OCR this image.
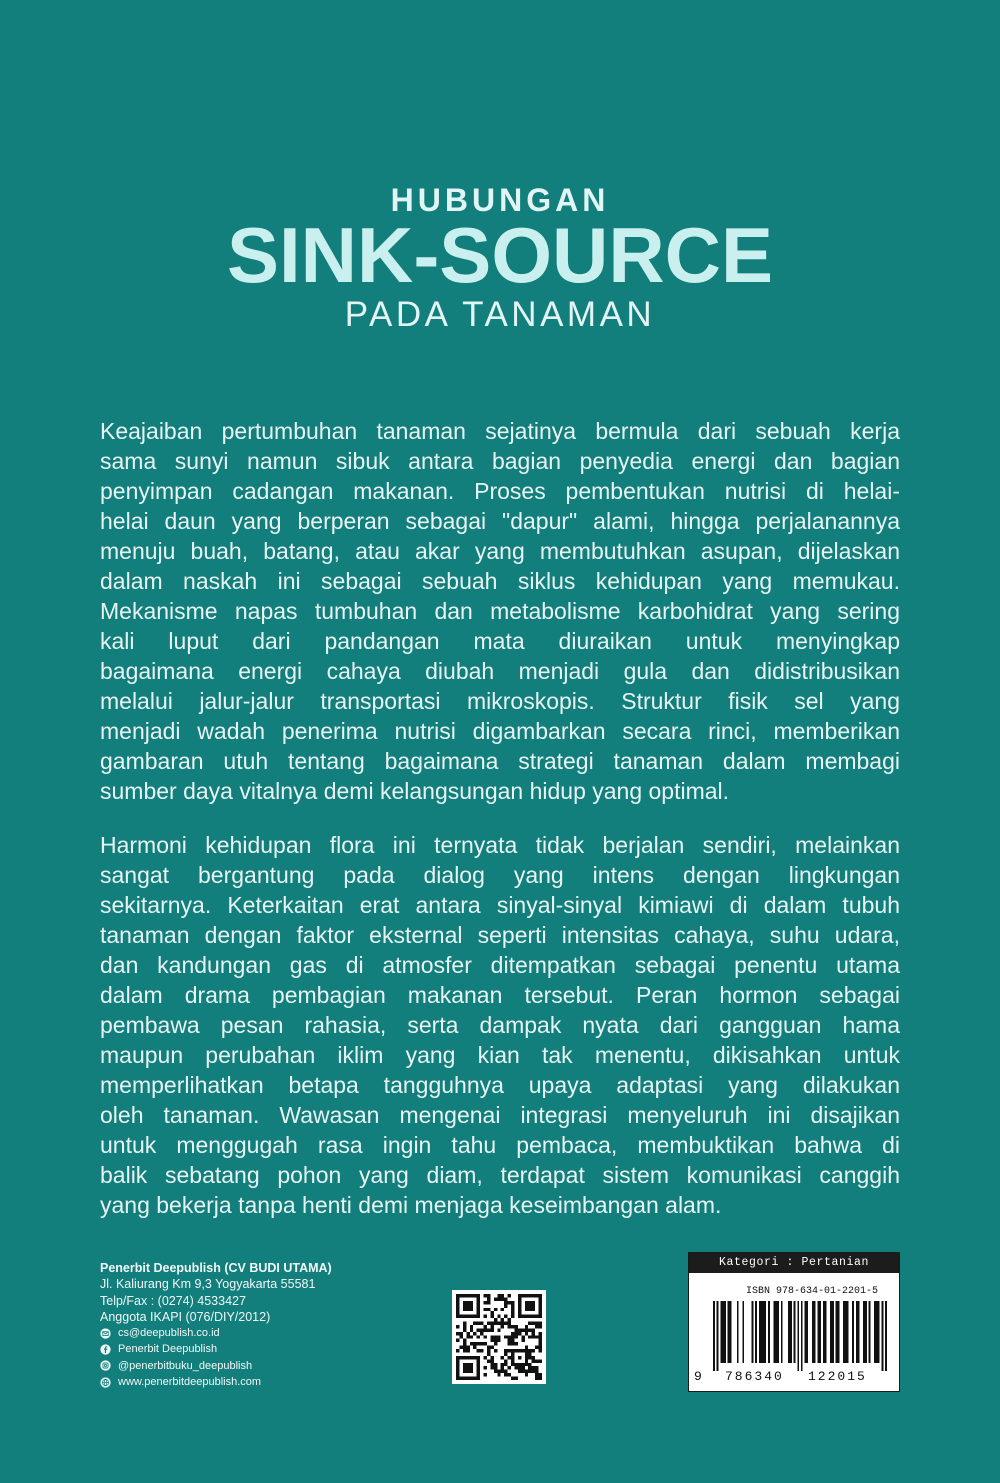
HUBUNGAN
SINK-SOURCE
PADA TANAMAN
Keajaiban pertumbuhan tanaman sejatinya bermula dari sebuah kerja
sama sunyi namun sibuk antara bagian penyedia energi dan bagian
penyimpan cadangan makanan. Proses pembentukan nutrisi di helai-
helai daun yang berperan sebagai "dapur" alami, hingga perjalanannya
menuju buah, batang, atau akar yang membutuhkan asupan, dijelaskan
dalam naskah ini sebagai sebuah siklus kehidupan yang memukau.
Mekanisme napas tumbuhan dan metabolisme karbohidrat yang sering
kali luput dari pandangan mata diuraikan untuk menyingkap
bagaimana energi cahaya diubah menjadi gula dan didistribusikan
melalui jalur-jalur transportasi mikroskopis. Struktur fisik sel yang
menjadi wadah penerima nutrisi digambarkan secara rinci, memberikan
gambaran utuh tentang bagaimana strategi tanaman dalam membagi
sumber daya vitalnya demi kelangsungan hidup yang optimal.
Harmoni kehidupan flora ini ternyata tidak berjalan sendiri, melainkan
sangat bergantung pada dialog yang intens dengan lingkungan
sekitarnya. Keterkaitan erat antara sinyal-sinyal kimiawi di dalam tubuh
tanaman dengan faktor eksternal seperti intensitas cahaya, suhu udara,
dan kandungan gas di atmosfer ditempatkan sebagai penentu utama
dalam drama pembagian makanan tersebut. Peran hormon sebagai
pembawa pesan rahasia, serta dampak nyata dari gangguan hama
maupun perubahan iklim yang kian tak menentu, dikisahkan untuk
memperlihatkan betapa tangguhnya upaya adaptasi yang dilakukan
oleh tanaman. Wawasan mengenai integrasi menyeluruh ini disajikan
untuk menggugah rasa ingin tahu pembaca, membuktikan bahwa di
balik sebatang pohon yang diam, terdapat sistem komunikasi canggih
yang bekerja tanpa henti demi menjaga keseimbangan alam.
Penerbit Deepublish (CV BUDI UTAMA)
Jl. Kaliurang Km 9,3 Yogyakarta 55581
Telp/Fax : (0274) 4533427
Anggota IKAPI (076/DIY/2012)
cs@deepublish.co.id
Penerbit Deepublish
@penerbitbuku_deepublish
www.penerbitdeepublish.com
Kategori : Pertanian
ISBN 978-634-01-2201-5
9 786340 122015
